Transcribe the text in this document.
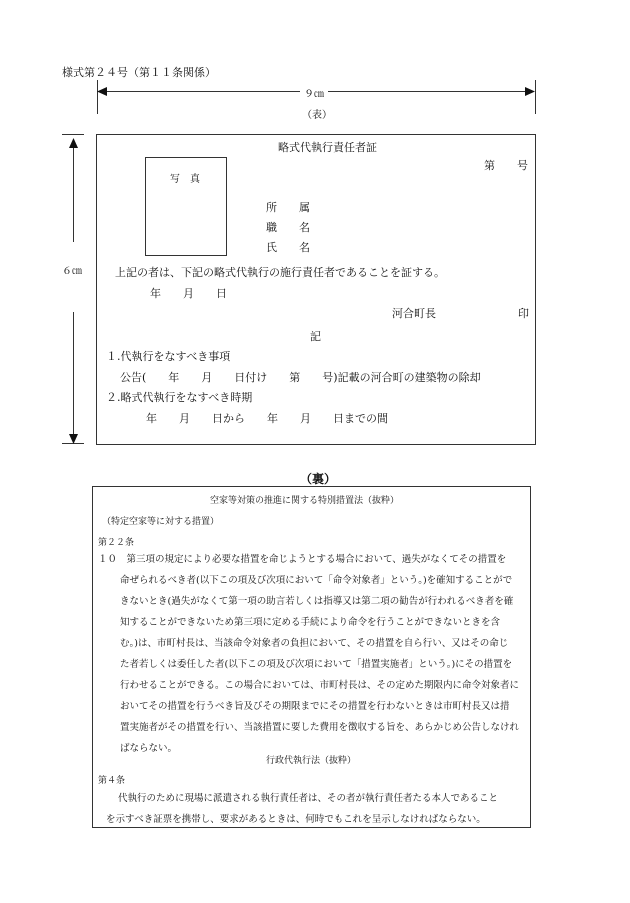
様式第２４号（第１１条関係）
９㎝
（表）
６㎝
略式代執行責任者証
第　　号
写　真
所　　属
職　　名
氏　　名
上記の者は、下記の略式代執行の施行責任者であることを証する。
年　　月　　日
河合町長	印
記
１.代執行をなすべき事項
公告(　　年　　月　　日付け　　第　　号)記載の河合町の建築物の除却
２.略式代執行をなすべき時期
年　　月　　日から　　年　　月　　日までの間
（裏）
空家等対策の推進に関する特別措置法（抜粋）
（特定空家等に対する措置）
第２２条
１０　第三項の規定により必要な措置を命じようとする場合において、過失がなくてその措置を
命ぜられるべき者(以下この項及び次項において「命令対象者」という。)を確知することがで
きないとき(過失がなくて第一項の助言若しくは指導又は第二項の勧告が行われるべき者を確
知することができないため第三項に定める手続により命令を行うことができないときを含
む。)は、市町村長は、当該命令対象者の負担において、その措置を自ら行い、又はその命じ
た者若しくは委任した者(以下この項及び次項において「措置実施者」という。)にその措置を
行わせることができる。この場合においては、市町村長は、その定めた期限内に命令対象者に
おいてその措置を行うべき旨及びその期限までにその措置を行わないときは市町村長又は措
置実施者がその措置を行い、当該措置に要した費用を徴収する旨を、あらかじめ公告しなけれ
ばならない。
行政代執行法（抜粋）
第４条
代執行のために現場に派遣される執行責任者は、その者が執行責任者たる本人であること
を示すべき証票を携帯し、要求があるときは、何時でもこれを呈示しなければならない。
